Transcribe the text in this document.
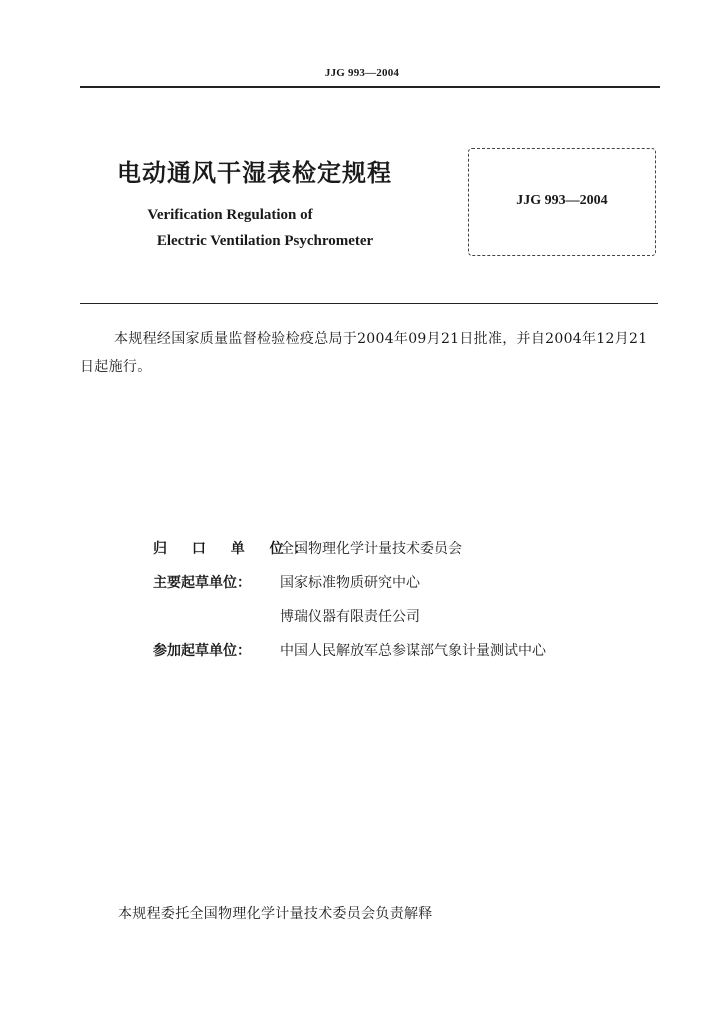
JJG 993—2004
电动通风干湿表检定规程
Verification Regulation of
Electric Ventilation Psychrometer
JJG 993—2004
本规程经国家质量监督检验检疫总局于2004年09月21日批准，并自2004年12月21日起施行。
归 口 单 位：
全国物理化学计量技术委员会
主要起草单位：	国家标准物质研究中心
博瑞仪器有限责任公司
参加起草单位：	中国人民解放军总参谋部气象计量测试中心
本规程委托全国物理化学计量技术委员会负责解释
